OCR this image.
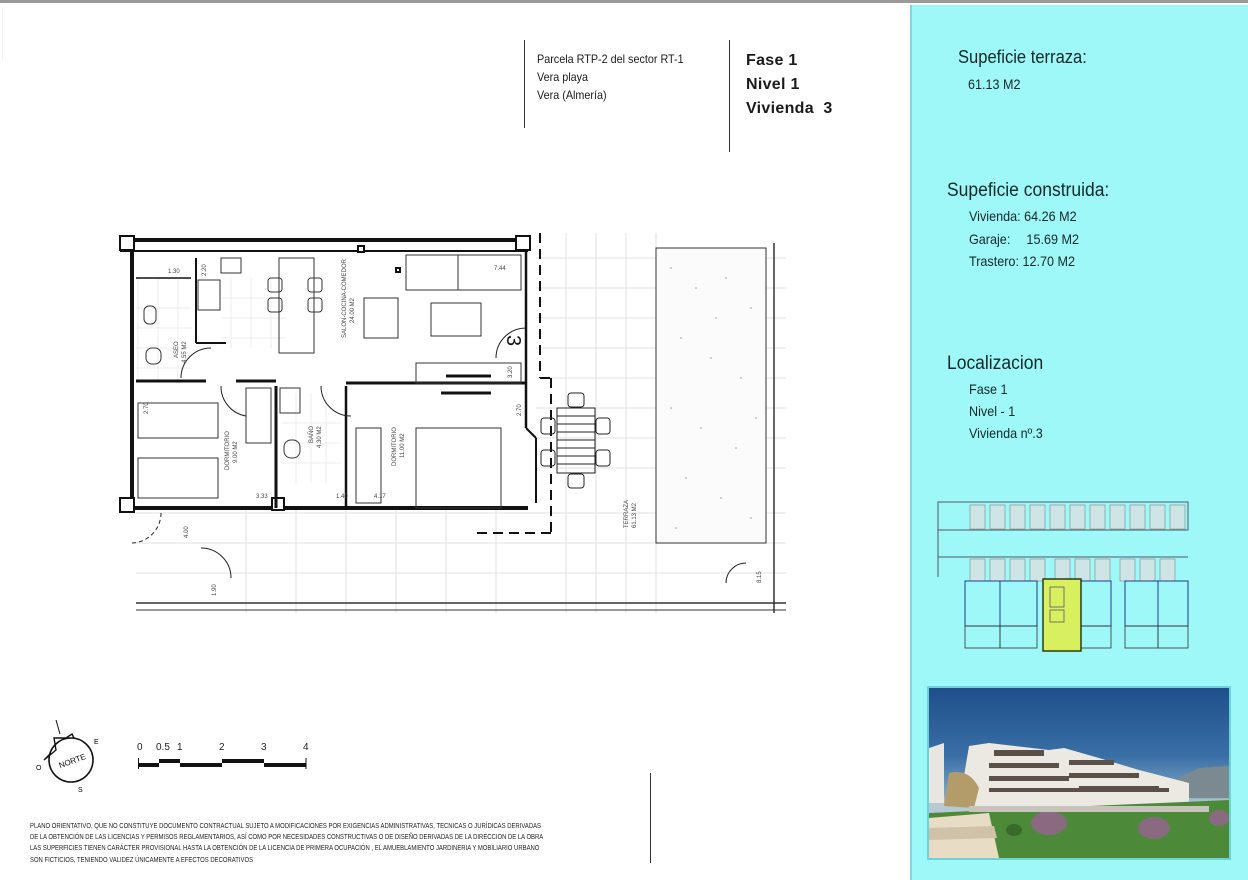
Parcela RTP-2 del sector RT-1
Vera playa
Vera (Almería)
Fase 1
Nivel 1
Vivienda  3
SALON-COCINA-COMEDOR 24.00 M2
ASEO 4.55 M2
DORMITORIO 9.00 M2
BAÑO 4.30 M2	DORMITORIO 11.00 M2
TERRAZA 61.13 M2
2.20
1.30
3.20
2.70
2.70
3.33	1.40	4.17
7.44
4.00
1.90
8.15
3
NORTE
E
O
S
0 0.5 1	2	3	4
PLANO ORIENTATIVO, QUE NO CONSTITUYE DOCUMENTO CONTRACTUAL SUJETO A MODIFICACIONES POR EXIGENCIAS ADMINISTRATIVAS, TECNICAS O JURÍDICAS DERIVADAS
DE LA OBTENCIÓN DE LAS LICENCIAS Y PERMISOS REGLAMENTARIOS, ASÍ COMO POR NECESIDADES CONSTRUCTIVAS O DE DISEÑO DERIVADAS DE LA DIRECCION DE LA OBRA
LAS SUPERFICIES TIENEN CARÁCTER PROVISIONAL HASTA LA OBTENCIÓN DE LA LICENCIA DE PRIMERA OCUPACIÓN , EL AMUEBLAMIENTO JARDINERIA Y MOBILIARIO URBANO
SON FICTICIOS, TENIENDO VALIDEZ ÚNICAMENTE A EFECTOS DECORATIVOS
Supeficie terraza:
61.13 M2
Supeficie construida:
Vivienda: 64.26 M2
Garaje: 15.69 M2
Trastero: 12.70 M2
Localizacion
Fase 1
Nivel - 1
Vivienda nº.3
